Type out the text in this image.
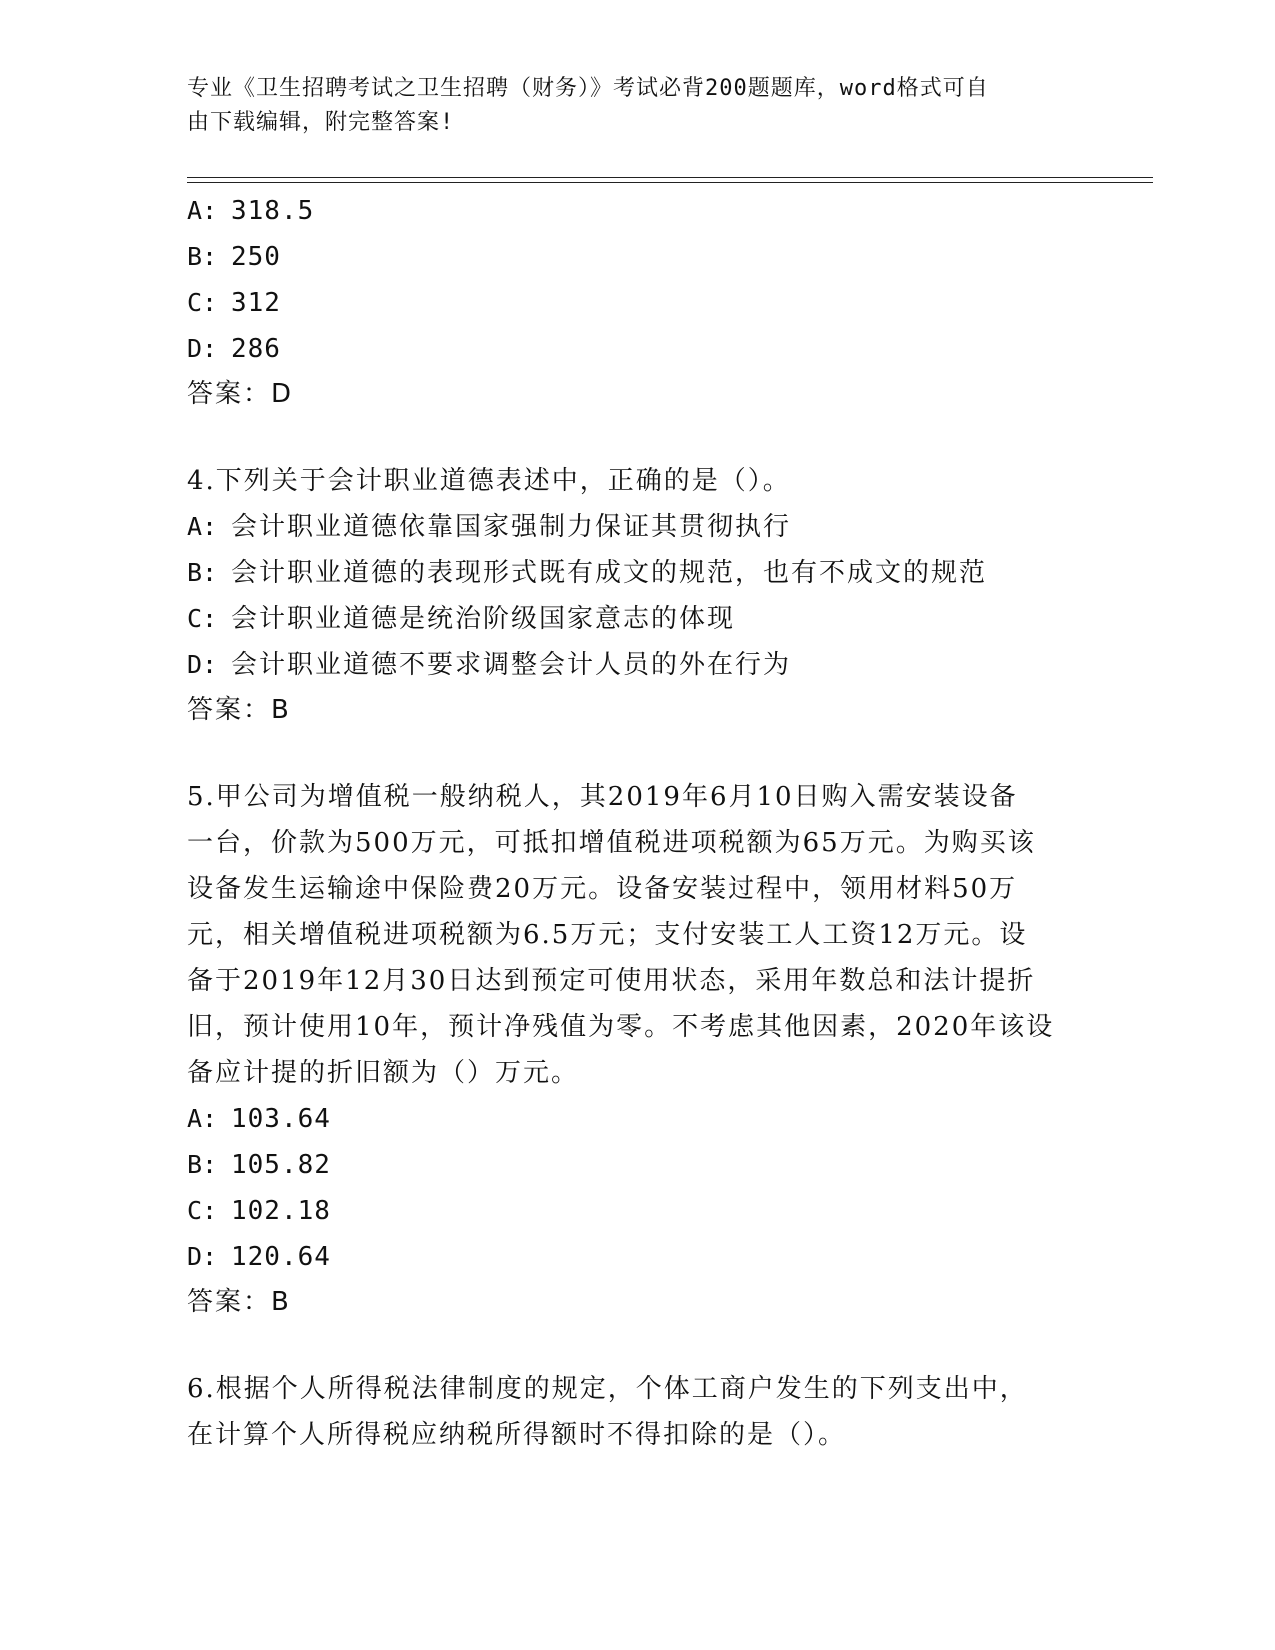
专业《卫生招聘考试之卫生招聘（财务）》考试必背200题题库，word格式可自
由下载编辑，附完整答案!
A: 318.5
B: 250
C: 312
D: 286
答案：D
4.下列关于会计职业道德表述中，正确的是（）。
A: 会计职业道德依靠国家强制力保证其贯彻执行
B: 会计职业道德的表现形式既有成文的规范，也有不成文的规范
C: 会计职业道德是统治阶级国家意志的体现
D: 会计职业道德不要求调整会计人员的外在行为
答案：B
5.甲公司为增值税一般纳税人，其2019年6月10日购入需安装设备
一台，价款为500万元，可抵扣增值税进项税额为65万元。为购买该
设备发生运输途中保险费20万元。设备安装过程中，领用材料50万
元，相关增值税进项税额为6.5万元；支付安装工人工资12万元。设
备于2019年12月30日达到预定可使用状态，采用年数总和法计提折
旧，预计使用10年，预计净残值为零。不考虑其他因素，2020年该设
备应计提的折旧额为（）万元。
A: 103.64
B: 105.82
C: 102.18
D: 120.64
答案：B
6.根据个人所得税法律制度的规定，个体工商户发生的下列支出中，
在计算个人所得税应纳税所得额时不得扣除的是（）。
